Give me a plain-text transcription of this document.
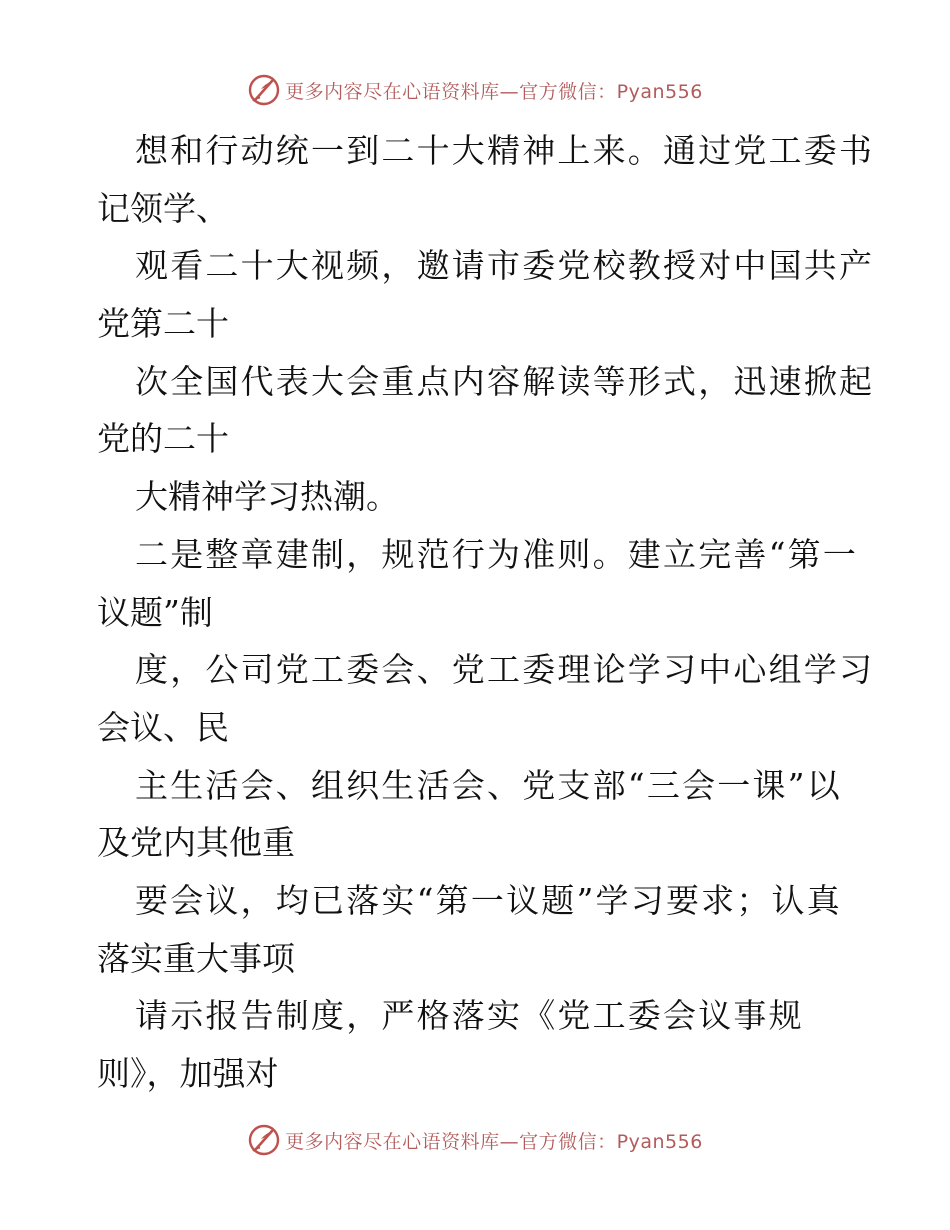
更多内容尽在心语资料库—官方微信：Pyan556
想和行动统一到二十大精神上来。通过党工委书
记领学、
观看二十大视频，邀请市委党校教授对中国共产
党第二十
次全国代表大会重点内容解读等形式，迅速掀起
党的二十
大精神学习热潮。
二是整章建制，规范行为准则。建立完善“第一
议题”制
度，公司党工委会、党工委理论学习中心组学习
会议、民
主生活会、组织生活会、党支部“三会一课”以
及党内其他重
要会议，均已落实“第一议题”学习要求；认真
落实重大事项
请示报告制度，严格落实《党工委会议事规
则》，加强对
更多内容尽在心语资料库—官方微信：Pyan556
